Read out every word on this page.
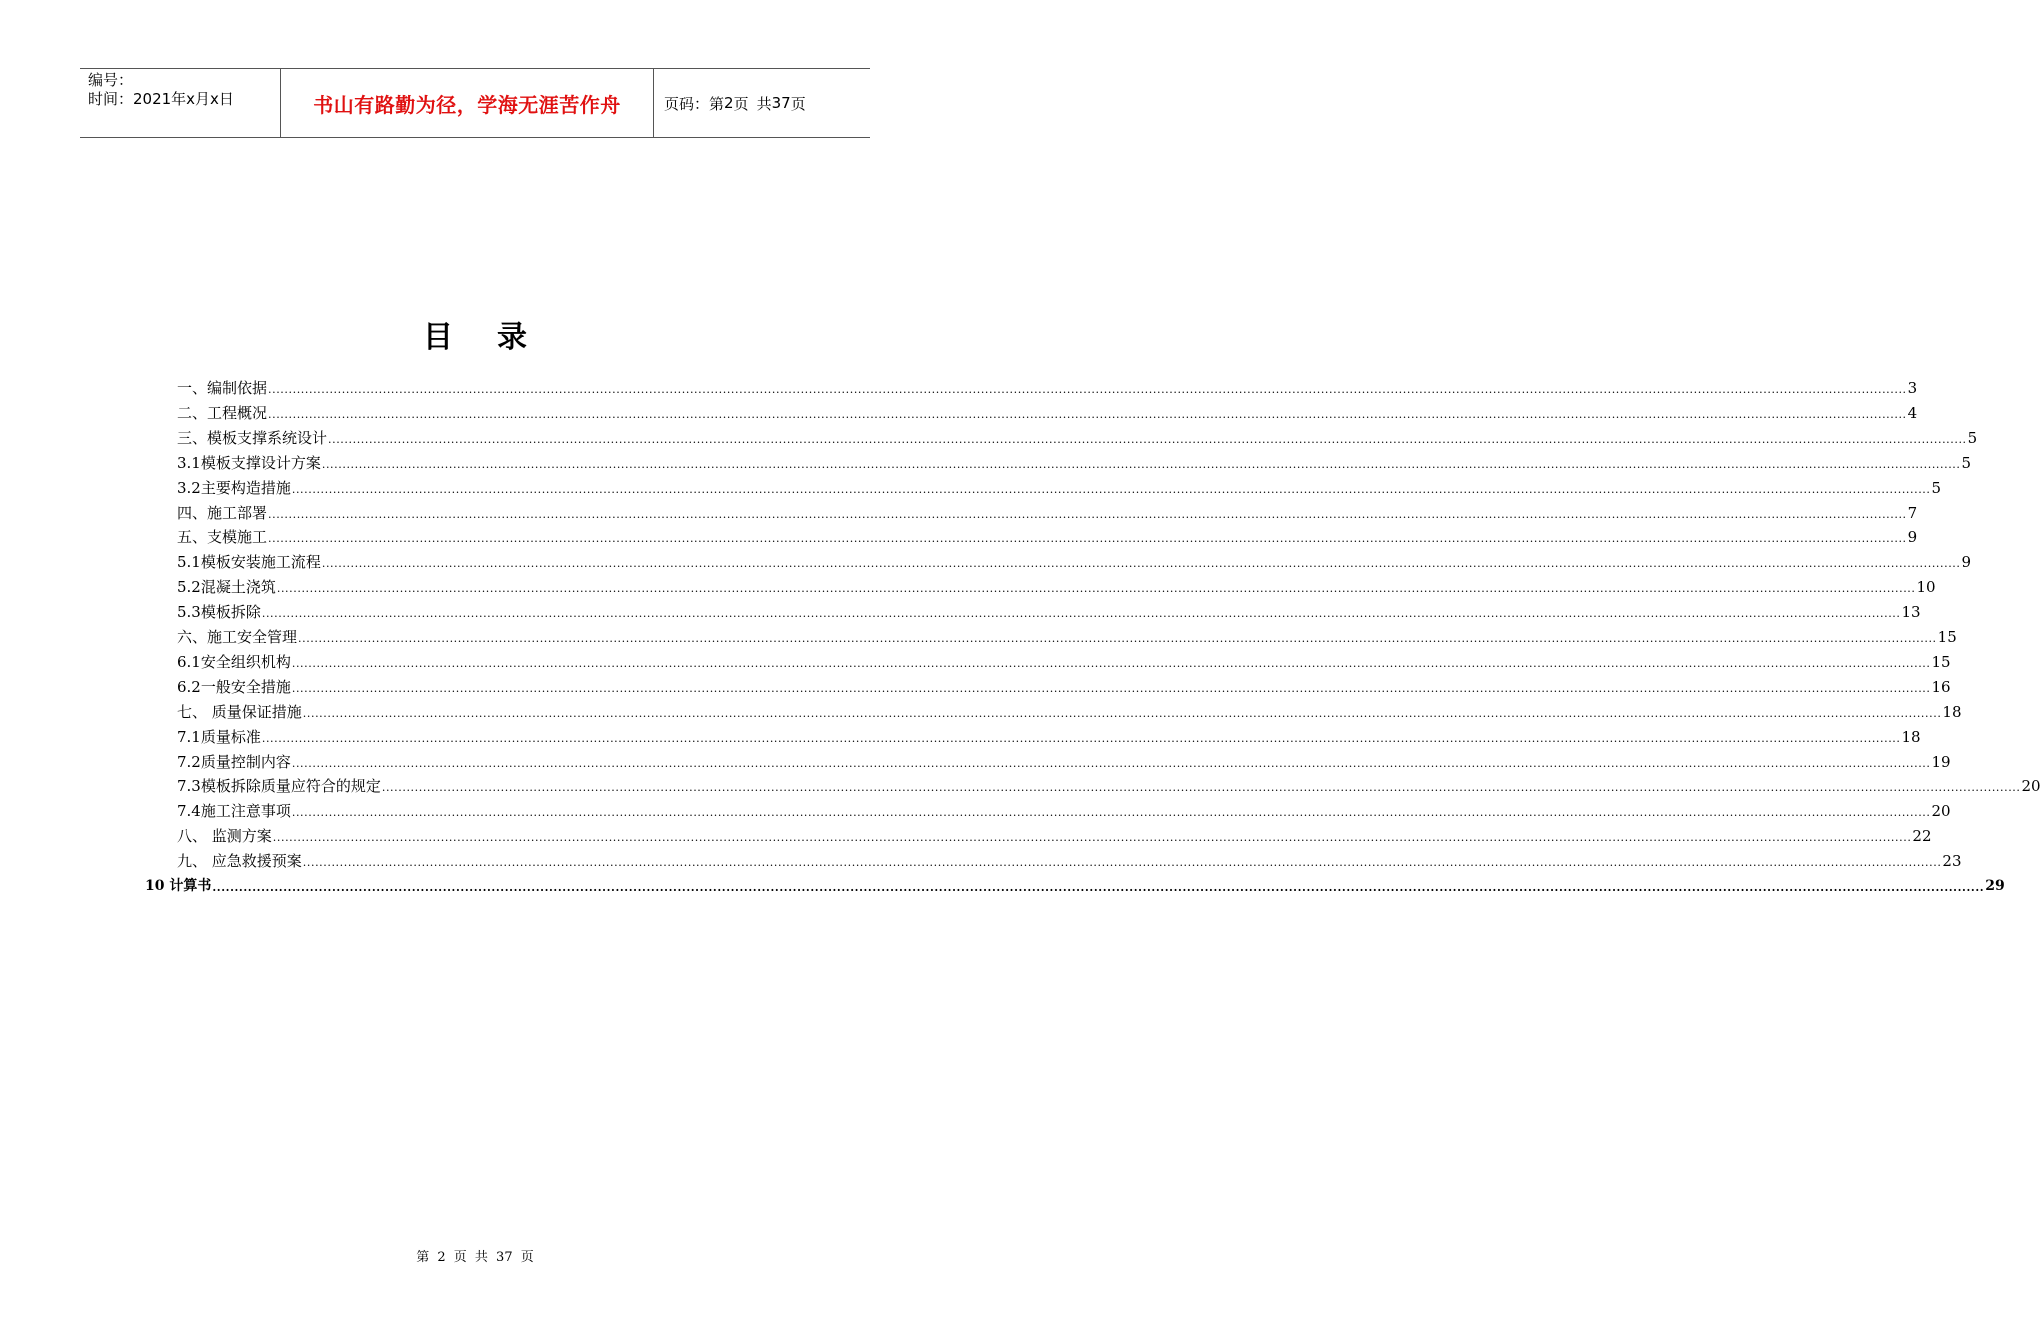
编号：
时间：2021年x月x日	书山有路勤为径，学海无涯苦作舟	页码：第 2 页 共 37 页
目 录
一、编制依据 ................................................................................................................................................................................................................................................................................................................................................................................................................ 3
二、工程概况 ................................................................................................................................................................................................................................................................................................................................................................................................................ 4
三、模板支撑系统设计 ................................................................................................................................................................................................................................................................................................................................................................................................................ 5
3.1模板支撑设计方案 ................................................................................................................................................................................................................................................................................................................................................................................................................ 5
3.2主要构造措施 ................................................................................................................................................................................................................................................................................................................................................................................................................ 5
四、施工部署 ................................................................................................................................................................................................................................................................................................................................................................................................................ 7
五、支模施工 ................................................................................................................................................................................................................................................................................................................................................................................................................ 9
5.1模板安装施工流程 ................................................................................................................................................................................................................................................................................................................................................................................................................ 9
5.2混凝土浇筑 ................................................................................................................................................................................................................................................................................................................................................................................................................ 10
5.3模板拆除 ................................................................................................................................................................................................................................................................................................................................................................................................................ 13
六、施工安全管理 ................................................................................................................................................................................................................................................................................................................................................................................................................ 15
6.1安全组织机构 ................................................................................................................................................................................................................................................................................................................................................................................................................ 15
6.2一般安全措施 ................................................................................................................................................................................................................................................................................................................................................................................................................ 16
七、 质量保证措施 ................................................................................................................................................................................................................................................................................................................................................................................................................ 18
7.1质量标准 ................................................................................................................................................................................................................................................................................................................................................................................................................ 18
7.2质量控制内容 ................................................................................................................................................................................................................................................................................................................................................................................................................ 19
7.3模板拆除质量应符合的规定 ................................................................................................................................................................................................................................................................................................................................................................................................................ 20
7.4施工注意事项 ................................................................................................................................................................................................................................................................................................................................................................................................................ 20
八、 监测方案 ................................................................................................................................................................................................................................................................................................................................................................................................................ 22
九、 应急救援预案 ................................................................................................................................................................................................................................................................................................................................................................................................................ 23
10 计算书 ................................................................................................................................................................................................................................................................................................................................................................................................................ 29
第 2 页 共 37 页
